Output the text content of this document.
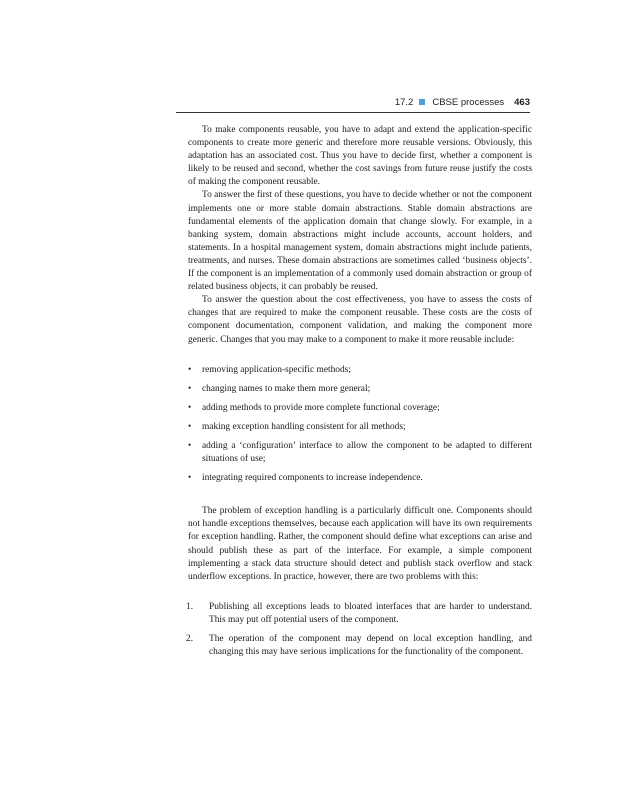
17.2 CBSE processes 463

To make components reusable, you have to adapt and extend the application-specific components to create more generic and therefore more reusable versions. Obviously, this adaptation has an associated cost. Thus you have to decide first, whether a component is likely to be reused and second, whether the cost savings from future reuse justify the costs of making the component reusable.

To answer the first of these questions, you have to decide whether or not the component implements one or more stable domain abstractions. Stable domain abstractions are fundamental elements of the application domain that change slowly. For example, in a banking system, domain abstractions might include accounts, account holders, and statements. In a hospital management system, domain abstractions might include patients, treatments, and nurses. These domain abstractions are sometimes called ‘business objects’. If the component is an implementation of a commonly used domain abstraction or group of related business objects, it can probably be reused.

To answer the question about the cost effectiveness, you have to assess the costs of changes that are required to make the component reusable. These costs are the costs of component documentation, component validation, and making the component more generic. Changes that you may make to a component to make it more reusable include:

• removing application-specific methods;
• changing names to make them more general;
• adding methods to provide more complete functional coverage;
• making exception handling consistent for all methods;
• adding a ‘configuration’ interface to allow the component to be adapted to different situations of use;
• integrating required components to increase independence.

The problem of exception handling is a particularly difficult one. Components should not handle exceptions themselves, because each application will have its own requirements for exception handling. Rather, the component should define what exceptions can arise and should publish these as part of the interface. For example, a simple component implementing a stack data structure should detect and publish stack overflow and stack underflow exceptions. In practice, however, there are two problems with this:

1. Publishing all exceptions leads to bloated interfaces that are harder to understand. This may put off potential users of the component.
2. The operation of the component may depend on local exception handling, and changing this may have serious implications for the functionality of the component.
